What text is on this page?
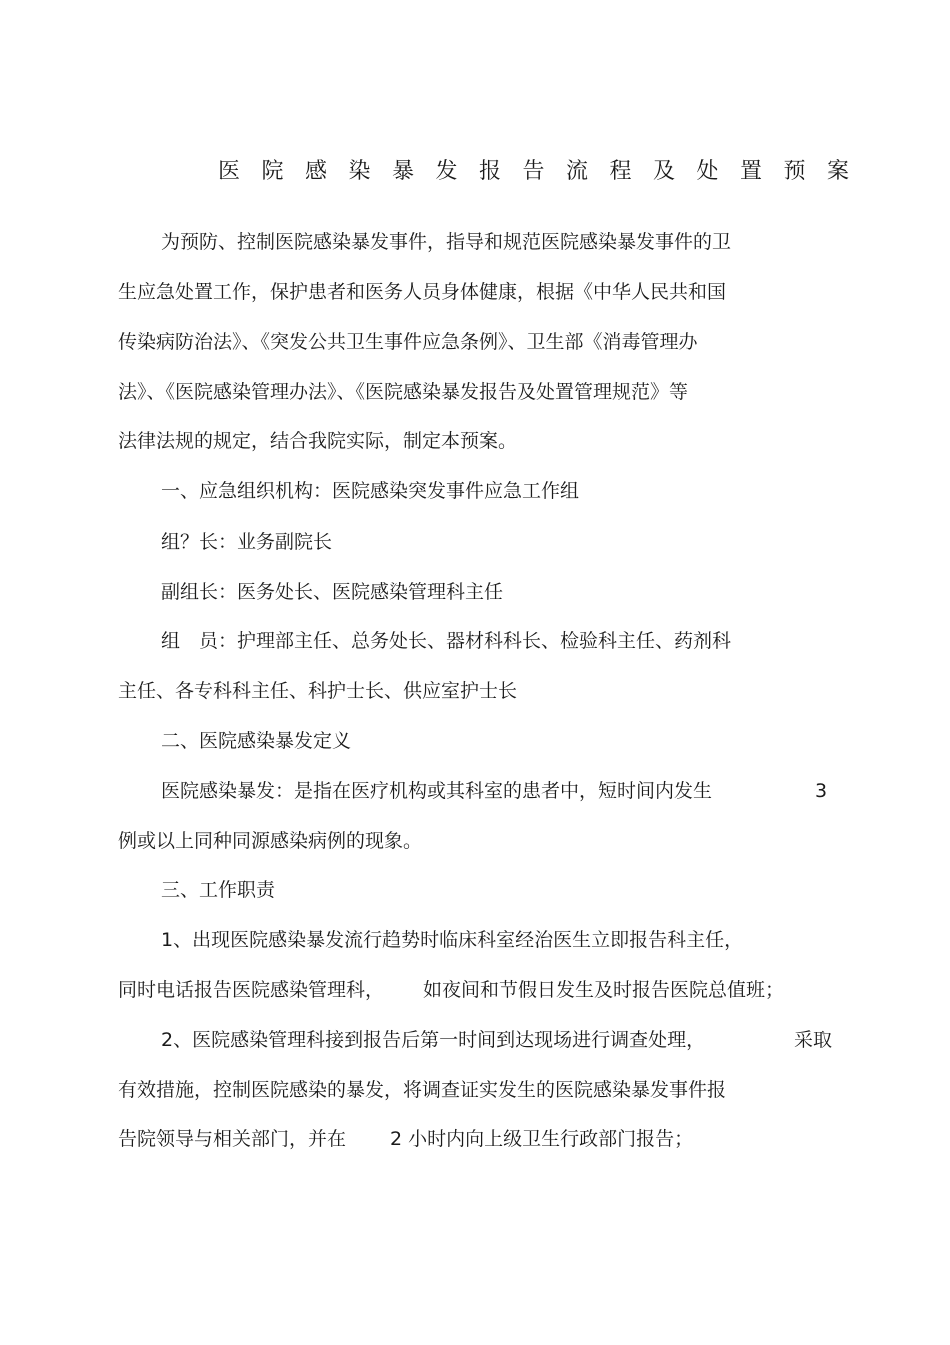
医院感染暴发报告流程及处置预案
为预防、控制医院感染暴发事件，指导和规范医院感染暴发事件的卫
生应急处置工作，保护患者和医务人员身体健康，根据《中华人民共和国
传染病防治法》、《突发公共卫生事件应急条例》、卫生部《消毒管理办
法》、《医院感染管理办法》、《医院感染暴发报告及处置管理规范》等
法律法规的规定，结合我院实际，制定本预案。
一、应急组织机构：医院感染突发事件应急工作组
组？长：业务副院长
副组长：医务处长、医院感染管理科主任
组　员：护理部主任、总务处长、器材科科长、检验科主任、药剂科
主任、各专科科主任、科护士长、供应室护士长
二、医院感染暴发定义
医院感染暴发：是指在医疗机构或其科室的患者中，短时间内发生	3
例或以上同种同源感染病例的现象。
三、工作职责
1、出现医院感染暴发流行趋势时临床科室经治医生立即报告科主任，
同时电话报告医院感染管理科， 如夜间和节假日发生及时报告医院总值班；
2、医院感染管理科接到报告后第一时间到达现场进行调查处理，	采取
有效措施，控制医院感染的暴发，将调查证实发生的医院感染暴发事件报
告院领导与相关部门，并在 2 小时内向上级卫生行政部门报告；
